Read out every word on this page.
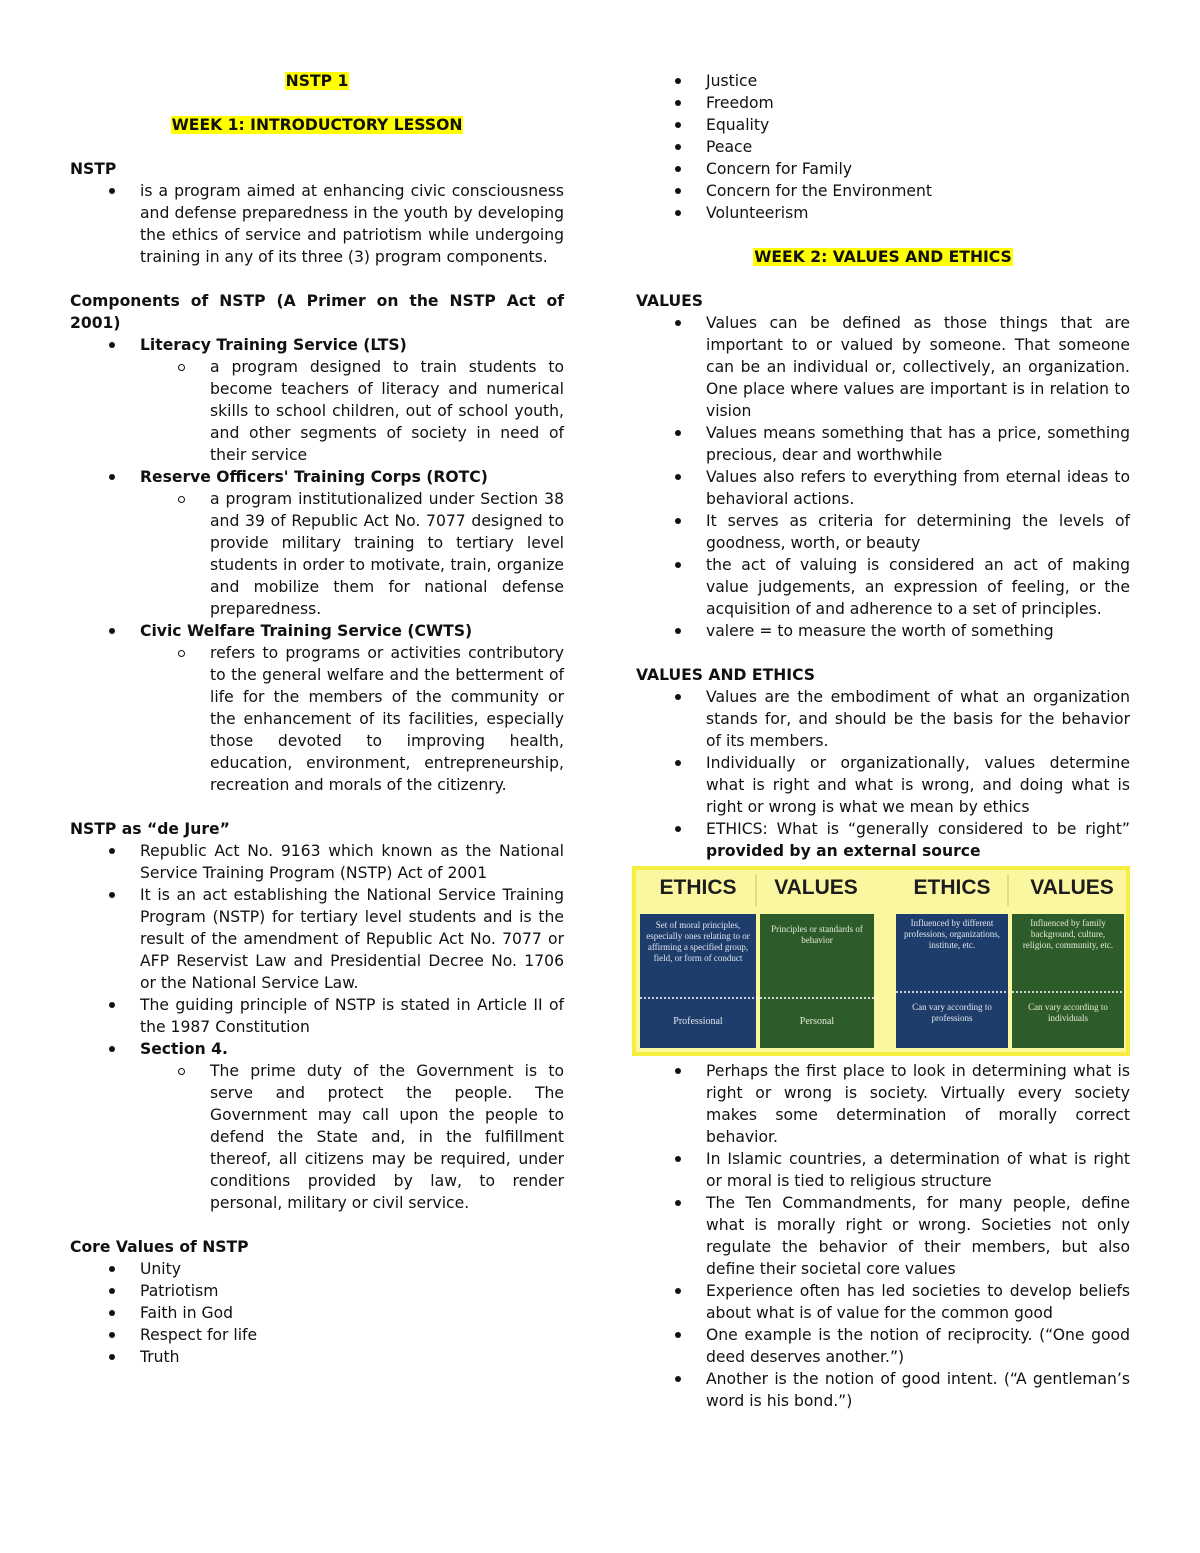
NSTP 1
WEEK 1: INTRODUCTORY LESSON
NSTP
is a program aimed at enhancing civic consciousness and defense preparedness in the youth by developing the ethics of service and patriotism while undergoing training in any of its three (3) program components.
Components of NSTP (A Primer on the NSTP Act of 2001)
Literacy Training Service (LTS)
a program designed to train students to become teachers of literacy and numerical skills to school children, out of school youth, and other segments of society in need of their service
Reserve Officers' Training Corps (ROTC)
a program institutionalized under Section 38 and 39 of Republic Act No. 7077 designed to provide military training to tertiary level students in order to motivate, train, organize and mobilize them for national defense preparedness.
Civic Welfare Training Service (CWTS)
refers to programs or activities contributory to the general welfare and the betterment of life for the members of the community or the enhancement of its facilities, especially those devoted to improving health, education, environment, entrepreneurship, recreation and morals of the citizenry.
NSTP as “de Jure”
Republic Act No. 9163 which known as the National Service Training Program (NSTP) Act of 2001
It is an act establishing the National Service Training Program (NSTP) for tertiary level students and is the result of the amendment of Republic Act No. 7077 or AFP Reservist Law and Presidential Decree No. 1706 or the National Service Law.
The guiding principle of NSTP is stated in Article II of the 1987 Constitution
Section 4.
The prime duty of the Government is to serve and protect the people. The Government may call upon the people to defend the State and, in the fulfillment thereof, all citizens may be required, under conditions provided by law, to render personal, military or civil service.
Core Values of NSTP
Unity
Patriotism
Faith in God
Respect for life
Truth
Justice
Freedom
Equality
Peace
Concern for Family
Concern for the Environment
Volunteerism
WEEK 2: VALUES AND ETHICS
VALUES
Values can be defined as those things that are important to or valued by someone. That someone can be an individual or, collectively, an organization. One place where values are important is in relation to vision
Values means something that has a price, something precious, dear and worthwhile
Values also refers to everything from eternal ideas to behavioral actions.
It serves as criteria for determining the levels of goodness, worth, or beauty
the act of valuing is considered an act of making value judgements, an expression of feeling, or the acquisition of and adherence to a set of principles.
valere = to measure the worth of something
VALUES AND ETHICS
Values are the embodiment of what an organization stands for, and should be the basis for the behavior of its members.
Individually or organizationally, values determine what is right and what is wrong, and doing what is right or wrong is what we mean by ethics
ETHICS: What is “generally considered to be right” provided by an external source
ETHICS VALUES	ETHICS VALUES
Set of moral principles, especially ones relating to or affirming a specified group, field, or form of conduct
Professional
Principles or standards of behavior
Personal
Influenced by different professions, organizations, institute, etc.
Can vary according to professions
Influenced by family background, culture, religion, community, etc.
Can vary according to individuals
Perhaps the first place to look in determining what is right or wrong is society. Virtually every society makes some determination of morally correct behavior.
In Islamic countries, a determination of what is right or moral is tied to religious structure
The Ten Commandments, for many people, define what is morally right or wrong. Societies not only regulate the behavior of their members, but also define their societal core values
Experience often has led societies to develop beliefs about what is of value for the common good
One example is the notion of reciprocity. (“One good deed deserves another.”)
Another is the notion of good intent. (“A gentleman’s word is his bond.”)
